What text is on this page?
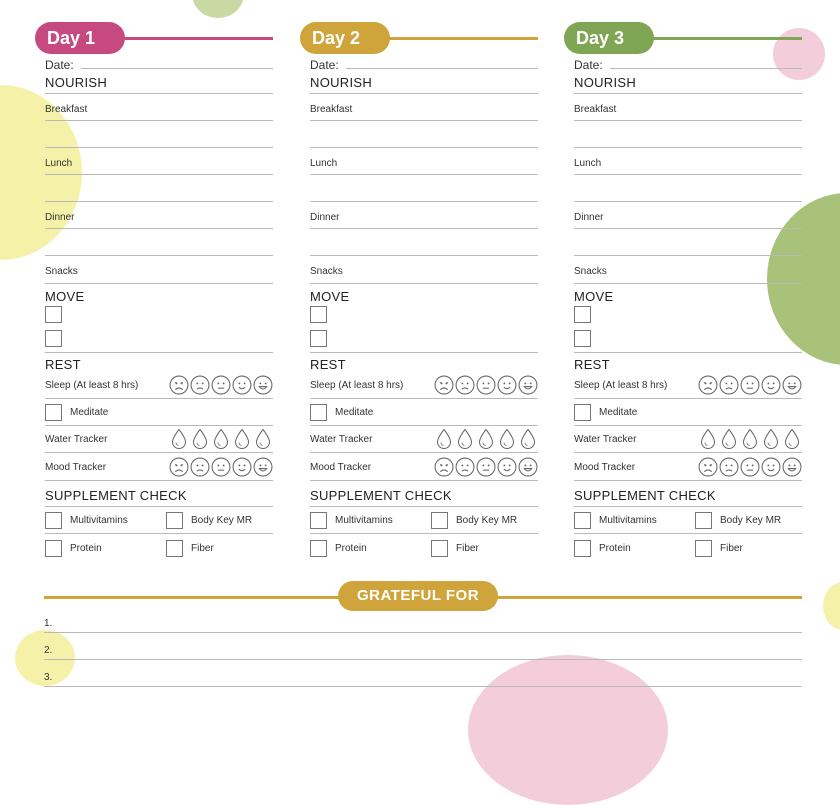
Day 1
Date:
NOURISH
Breakfast
Lunch
Dinner
Snacks
MOVE
REST
Sleep (At least 8 hrs)
Meditate
Water Tracker
Mood Tracker
SUPPLEMENT CHECK
Multivitamins	Body Key MR
Protein	Fiber
Day 2
Date:
NOURISH
Breakfast
Lunch
Dinner
Snacks
MOVE
REST
Sleep (At least 8 hrs)
Meditate
Water Tracker
Mood Tracker
SUPPLEMENT CHECK
Multivitamins	Body Key MR
Protein	Fiber
Day 3
Date:
NOURISH
Breakfast
Lunch
Dinner
Snacks
MOVE
REST
Sleep (At least 8 hrs)
Meditate
Water Tracker
Mood Tracker
SUPPLEMENT CHECK
Multivitamins	Body Key MR
Protein	Fiber
GRATEFUL FOR
1.
2.
3.
